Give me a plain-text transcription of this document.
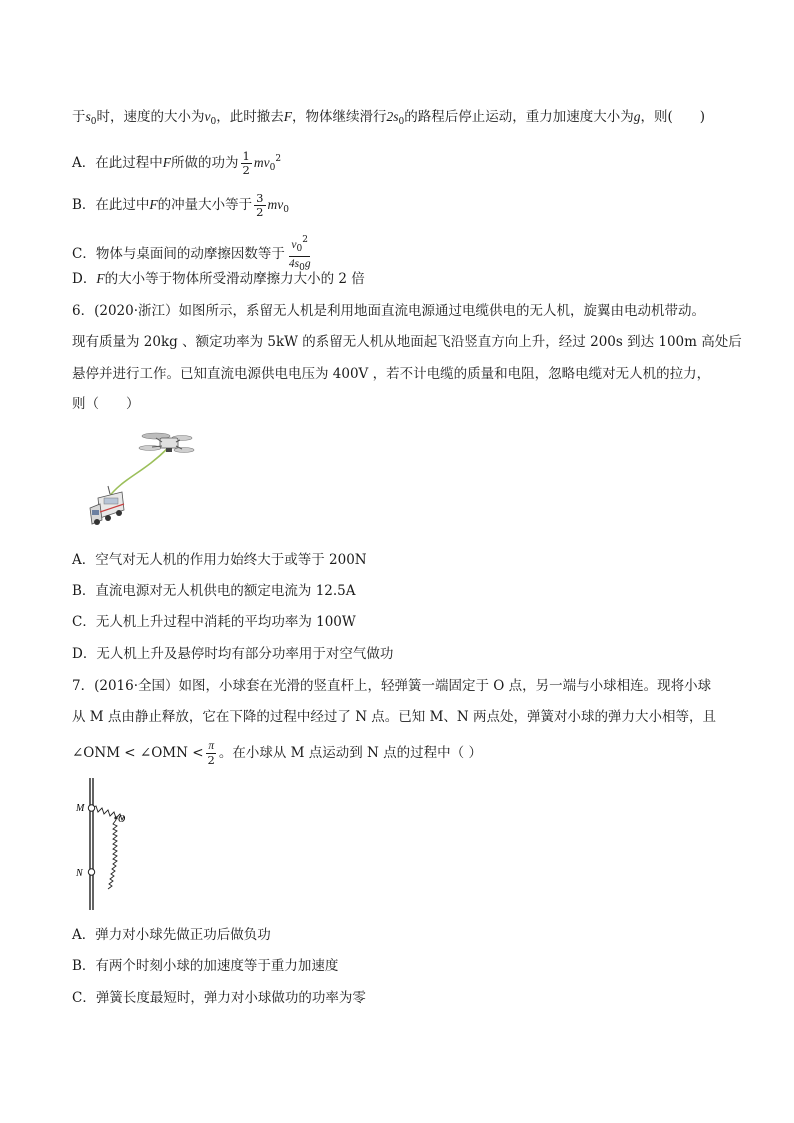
于$s_0$时，速度的大小为$v_0$，此时撤去F，物体继续滑行$2s_0$的路程后停止运动，重力加速度大小为g，则(　　)
A．在此过程中F所做的功为 $\frac{1}{2} mv_0^2$
B．在此过中F的冲量大小等于 $\frac{3}{2} mv_0$
C．物体与桌面间的动摩擦因数等于 $\frac{v_0^2}{4s_0g}$
D．F的大小等于物体所受滑动摩擦力大小的 2 倍
6．(2020·浙江）如图所示，系留无人机是利用地面直流电源通过电缆供电的无人机，旋翼由电动机带动。
现有质量为 20kg 、额定功率为 5kW 的系留无人机从地面起飞沿竖直方向上升，经过 200s 到达 100m 高处后
悬停并进行工作。已知直流电源供电电压为 400V ，若不计电缆的质量和电阻，忽略电缆对无人机的拉力，
则（　　）
A．空气对无人机的作用力始终大于或等于 200N
B．直流电源对无人机供电的额定电流为 12.5A
C．无人机上升过程中消耗的平均功率为 100W
D．无人机上升及悬停时均有部分功率用于对空气做功
7．(2016·全国）如图，小球套在光滑的竖直杆上，轻弹簧一端固定于 O 点，另一端与小球相连。现将小球
从 M 点由静止释放，它在下降的过程中经过了 N 点。已知 M、N 两点处，弹簧对小球的弹力大小相等，且
∠ONM < ∠OMN < $\frac{\pi}{2}$ 。在小球从 M 点运动到 N 点的过程中（ ）
M
O
N
A．弹力对小球先做正功后做负功
B．有两个时刻小球的加速度等于重力加速度
C．弹簧长度最短时，弹力对小球做功的功率为零
